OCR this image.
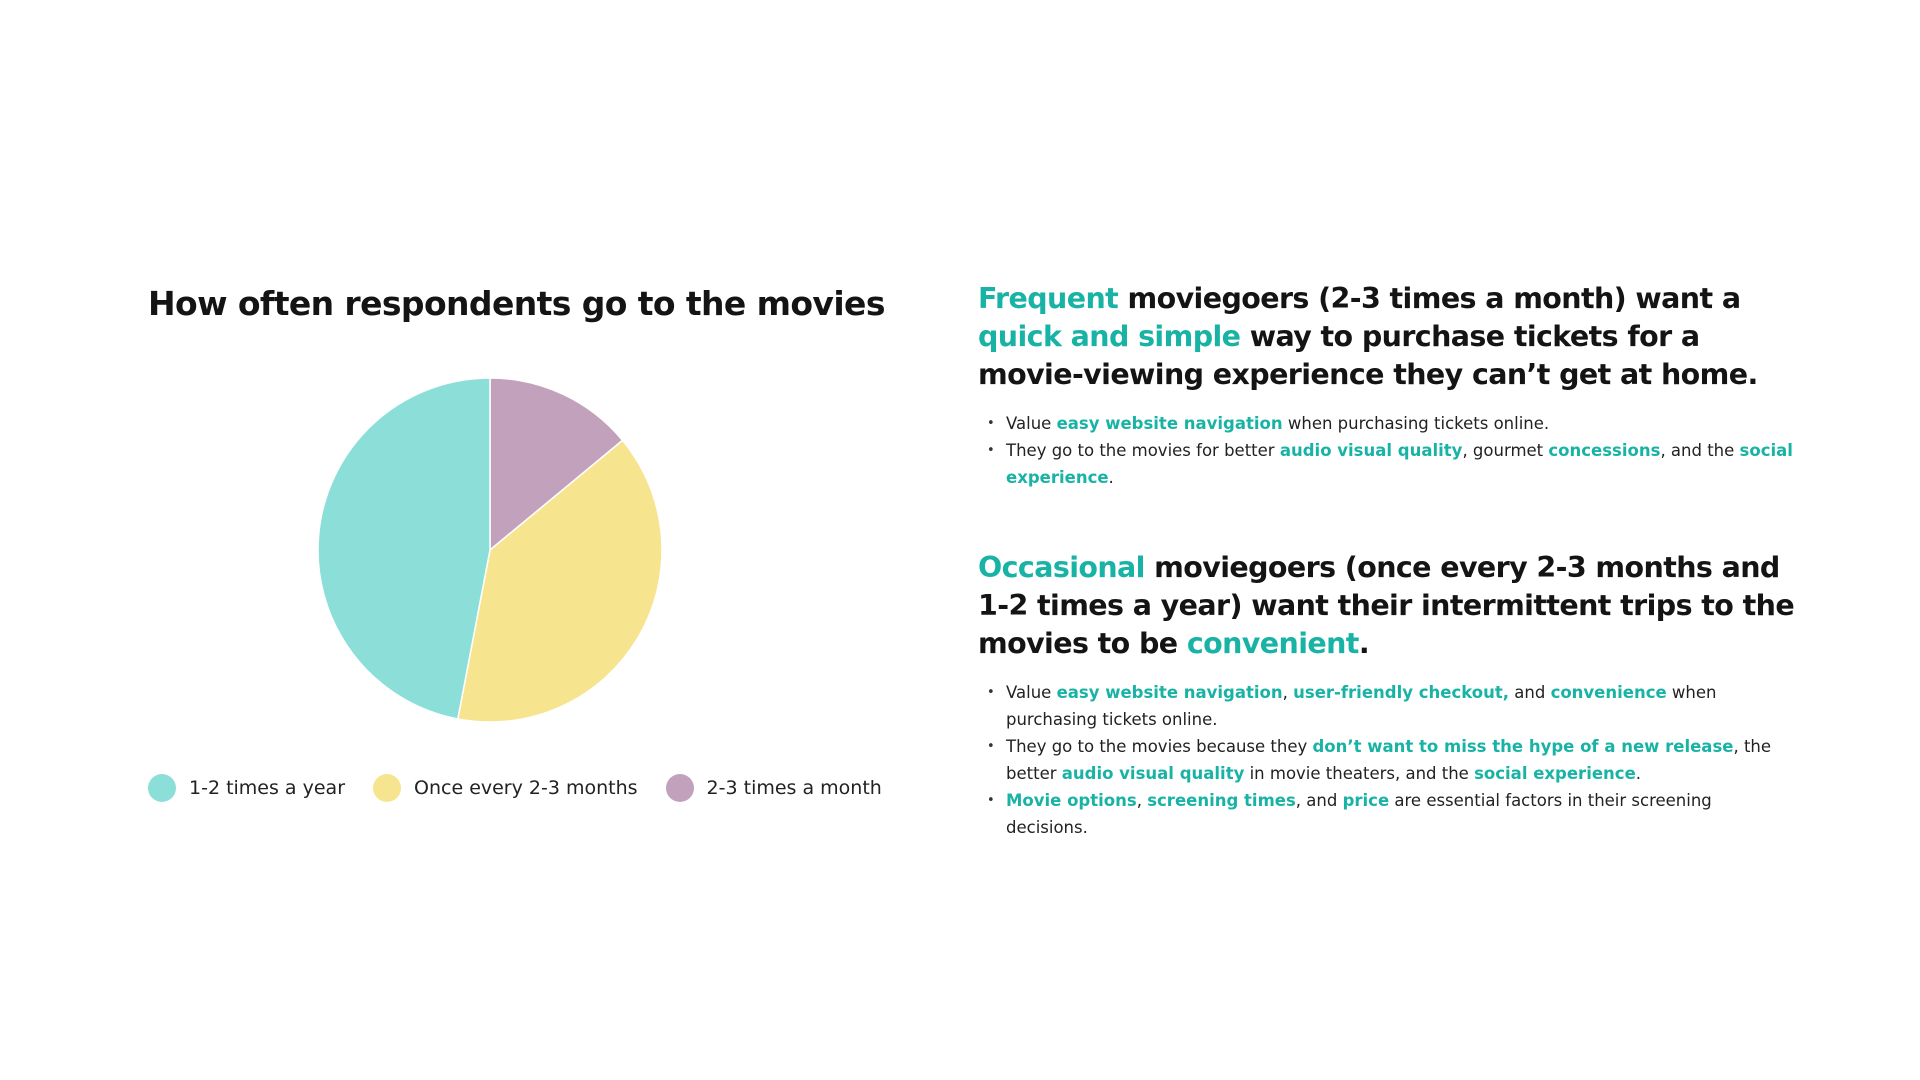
How often respondents go to the movies
1-2 times a year	Once every 2-3 months	2-3 times a month
Frequent moviegoers (2-3 times a month) want a quick and simple way to purchase tickets for a movie-viewing experience they can’t get at home.
• Value easy website navigation when purchasing tickets online.
• They go to the movies for better audio visual quality, gourmet concessions, and the social experience.
Occasional moviegoers (once every 2-3 months and 1-2 times a year) want their intermittent trips to the movies to be convenient.
• Value easy website navigation, user-friendly checkout, and convenience when purchasing tickets online.
• They go to the movies because they don’t want to miss the hype of a new release, the better audio visual quality in movie theaters, and the social experience.
• Movie options, screening times, and price are essential factors in their screening decisions.
